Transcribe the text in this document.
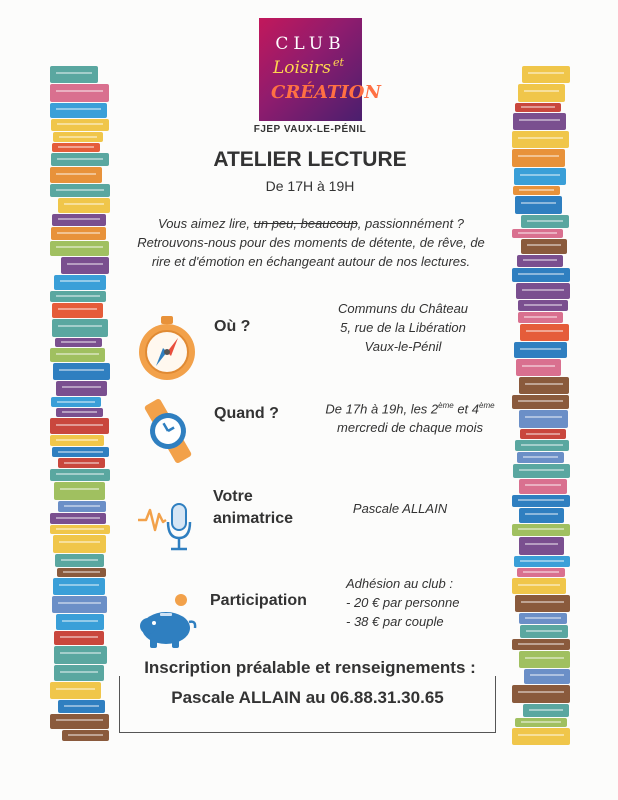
CLUB
Loisirs et
CRÉATION
FJEP VAUX-LE-PÉNIL
ATELIER LECTURE
De 17H à 19H
Vous aimez lire, un peu, beaucoup, passionnément ?
Retrouvons-nous pour des moments de détente, de rêve, de
rire et d'émotion en échangeant autour de nos lectures.
Où ?
Communs du Château
5, rue de la Libération
Vaux-le-Pénil
Quand ?	De 17h à 19h, les 2ème et 4ème
mercredi de chaque mois
Votre
animatrice
Pascale ALLAIN
Participation
Adhésion au club :
- 20 € par personne
- 38 € par couple
Inscription préalable et renseignements :
Pascale ALLAIN au 06.88.31.30.65
